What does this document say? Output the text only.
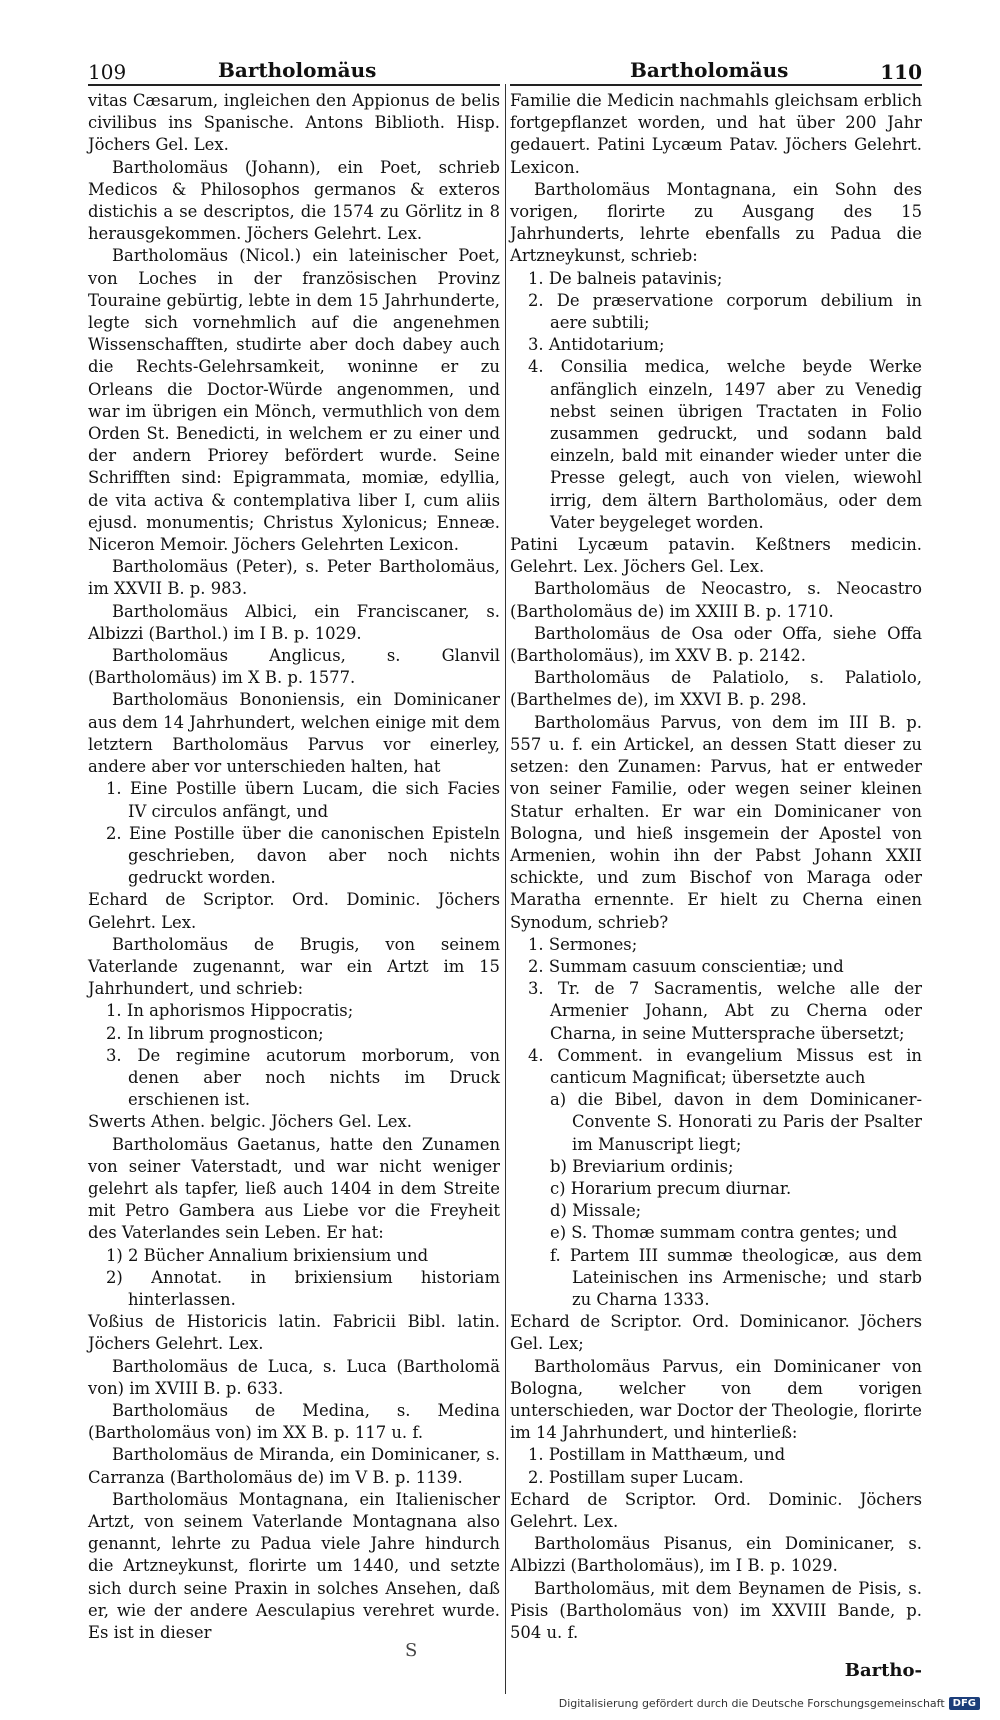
109	Bartholomäus	Bartholomäus	110

vitas Cæsarum, ingleichen den Appionus de belis civilibus ins Spanische. Antons Biblioth. Hisp. Jöchers Gel. Lex.

Bartholomäus (Johann), ein Poet, schrieb Medicos & Philosophos germanos & exteros distichis a se descriptos, die 1574 zu Görlitz in 8 herausgekommen. Jöchers Gelehrt. Lex.

Bartholomäus (Nicol.) ein lateinischer Poet, von Loches in der französischen Provinz Touraine gebürtig, lebte in dem 15 Jahrhunderte, legte sich vornehmlich auf die angenehmen Wissenschafften, studirte aber doch dabey auch die Rechts-Gelehrsamkeit, woninne er zu Orleans die Doctor-Würde angenommen, und war im übrigen ein Mönch, vermuthlich von dem Orden St. Benedicti, in welchem er zu einer und der andern Priorey befördert wurde. Seine Schrifften sind: Epigrammata, momiæ, edyllia, de vita activa & contemplativa liber I, cum aliis ejusd. monumentis; Christus Xylonicus; Enneæ. Niceron Memoir. Jöchers Gelehrten Lexicon.

Bartholomäus (Peter), s. Peter Bartholomäus, im XXVII B. p. 983.

Bartholomäus Albici, ein Franciscaner, s. Albizzi (Barthol.) im I B. p. 1029.

Bartholomäus Anglicus, s. Glanvil (Bartholomäus) im X B. p. 1577.

Bartholomäus Bononiensis, ein Dominicaner aus dem 14 Jahrhundert, welchen einige mit dem letztern Bartholomäus Parvus vor einerley, andere aber vor unterschieden halten, hat

1. Eine Postille übern Lucam, die sich Facies IV circulos anfängt, und

2. Eine Postille über die canonischen Episteln geschrieben, davon aber noch nichts gedruckt worden.

Echard de Scriptor. Ord. Dominic. Jöchers Gelehrt. Lex.

Bartholomäus de Brugis, von seinem Vaterlande zugenannt, war ein Artzt im 15 Jahrhundert, und schrieb:

1. In aphorismos Hippocratis;

2. In librum prognosticon;

3. De regimine acutorum morborum, von denen aber noch nichts im Druck erschienen ist.

Swerts Athen. belgic. Jöchers Gel. Lex.

Bartholomäus Gaetanus, hatte den Zunamen von seiner Vaterstadt, und war nicht weniger gelehrt als tapfer, ließ auch 1404 in dem Streite mit Petro Gambera aus Liebe vor die Freyheit des Vaterlandes sein Leben. Er hat:

1) 2 Bücher Annalium brixiensium und

2) Annotat. in brixiensium historiam hinterlassen.

Voßius de Historicis latin. Fabricii Bibl. latin. Jöchers Gelehrt. Lex.

Bartholomäus de Luca, s. Luca (Bartholomä von) im XVIII B. p. 633.

Bartholomäus de Medina, s. Medina (Bartholomäus von) im XX B. p. 117 u. f.

Bartholomäus de Miranda, ein Dominicaner, s. Carranza (Bartholomäus de) im V B. p. 1139.

Bartholomäus Montagnana, ein Italienischer Artzt, von seinem Vaterlande Montagnana also genannt, lehrte zu Padua viele Jahre hindurch die Artzneykunst, florirte um 1440, und setzte sich durch seine Praxin in solches Ansehen, daß er, wie der andere Aesculapius verehret wurde. Es ist in dieser

Familie die Medicin nachmahls gleichsam erblich fortgepflanzet worden, und hat über 200 Jahr gedauert. Patini Lycæum Patav. Jöchers Gelehrt. Lexicon.

Bartholomäus Montagnana, ein Sohn des vorigen, florirte zu Ausgang des 15 Jahrhunderts, lehrte ebenfalls zu Padua die Artzneykunst, schrieb:

1. De balneis patavinis;

2. De præservatione corporum debilium in aere subtili;

3. Antidotarium;

4. Consilia medica, welche beyde Werke anfänglich einzeln, 1497 aber zu Venedig nebst seinen übrigen Tractaten in Folio zusammen gedruckt, und sodann bald einzeln, bald mit einander wieder unter die Presse gelegt, auch von vielen, wiewohl irrig, dem ältern Bartholomäus, oder dem Vater beygeleget worden.

Patini Lycæum patavin. Keßtners medicin. Gelehrt. Lex. Jöchers Gel. Lex.

Bartholomäus de Neocastro, s. Neocastro (Bartholomäus de) im XXIII B. p. 1710.

Bartholomäus de Osa oder Offa, siehe Offa (Bartholomäus), im XXV B. p. 2142.

Bartholomäus de Palatiolo, s. Palatiolo, (Barthelmes de), im XXVI B. p. 298.

Bartholomäus Parvus, von dem im III B. p. 557 u. f. ein Artickel, an dessen Statt dieser zu setzen: den Zunamen: Parvus, hat er entweder von seiner Familie, oder wegen seiner kleinen Statur erhalten. Er war ein Dominicaner von Bologna, und hieß insgemein der Apostel von Armenien, wohin ihn der Pabst Johann XXII schickte, und zum Bischof von Maraga oder Maratha ernennte. Er hielt zu Cherna einen Synodum, schrieb?

1. Sermones;

2. Summam casuum conscientiæ; und

3. Tr. de 7 Sacramentis, welche alle der Armenier Johann, Abt zu Cherna oder Charna, in seine Muttersprache übersetzt;

4. Comment. in evangelium Missus est in canticum Magnificat; übersetzte auch

a) die Bibel, davon in dem Dominicaner-Convente S. Honorati zu Paris der Psalter im Manuscript liegt;

b) Breviarium ordinis;

c) Horarium precum diurnar.

d) Missale;

e) S. Thomæ summam contra gentes; und

f. Partem III summæ theologicæ, aus dem Lateinischen ins Armenische; und starb zu Charna 1333.

Echard de Scriptor. Ord. Dominicanor. Jöchers Gel. Lex;

Bartholomäus Parvus, ein Dominicaner von Bologna, welcher von dem vorigen unterschieden, war Doctor der Theologie, florirte im 14 Jahrhundert, und hinterließ:

1. Postillam in Matthæum, und

2. Postillam super Lucam.

Echard de Scriptor. Ord. Dominic. Jöchers Gelehrt. Lex.

Bartholomäus Pisanus, ein Dominicaner, s. Albizzi (Bartholomäus), im I B. p. 1029.

Bartholomäus, mit dem Beynamen de Pisis, s. Pisis (Bartholomäus von) im XXVIII Bande, p. 504 u. f.

S
Bartho-
Digitalisierung gefördert durch die Deutsche Forschungsgemeinschaft DFG
